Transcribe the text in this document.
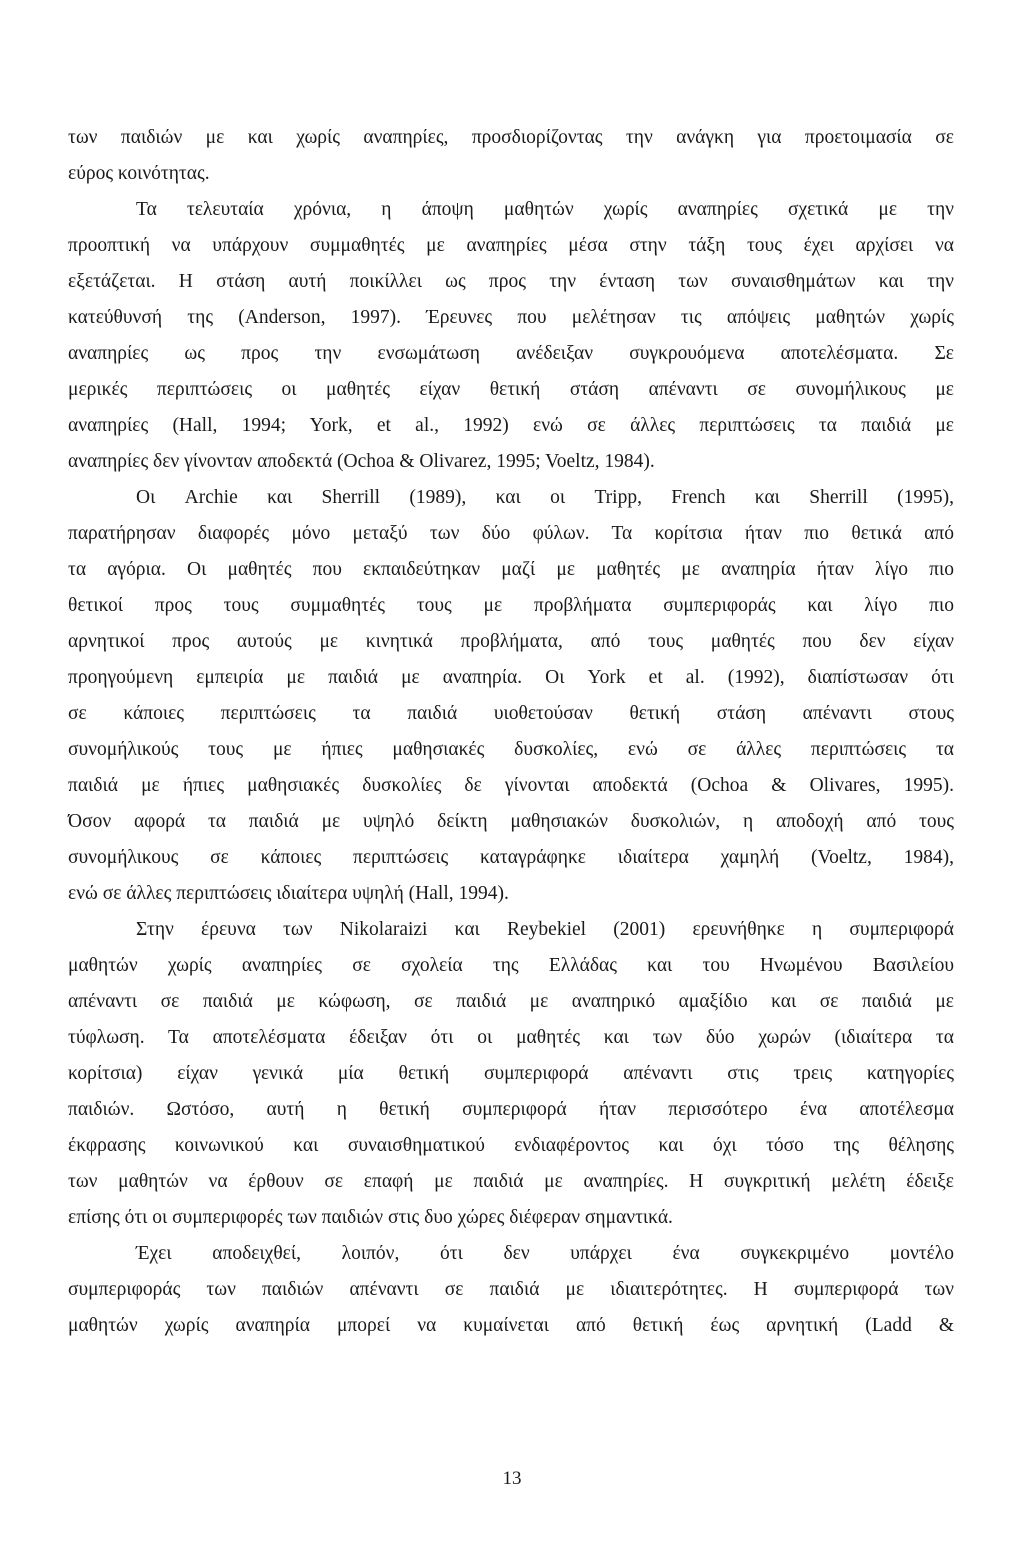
των παιδιών με και χωρίς αναπηρίες, προσδιορίζοντας την ανάγκη για προετοιμασία σε

εύρος κοινότητας.

Τα τελευταία χρόνια, η άποψη μαθητών χωρίς αναπηρίες σχετικά με την

προοπτική να υπάρχουν συμμαθητές με αναπηρίες μέσα στην τάξη τους έχει αρχίσει να

εξετάζεται. Η στάση αυτή ποικίλλει ως προς την ένταση των συναισθημάτων και την

κατεύθυνσή της (Anderson, 1997). Έρευνες που μελέτησαν τις απόψεις μαθητών χωρίς

αναπηρίες ως προς την ενσωμάτωση ανέδειξαν συγκρουόμενα αποτελέσματα. Σε

μερικές περιπτώσεις οι μαθητές είχαν θετική στάση απέναντι σε συνομήλικους με

αναπηρίες (Hall, 1994; York, et al., 1992) ενώ σε άλλες περιπτώσεις τα παιδιά με

αναπηρίες δεν γίνονταν αποδεκτά (Ochoa & Olivarez, 1995; Voeltz, 1984).

Οι Archie και Sherrill (1989), και οι Tripp, French και Sherrill (1995),

παρατήρησαν διαφορές μόνο μεταξύ των δύο φύλων. Τα κορίτσια ήταν πιο θετικά από

τα αγόρια. Οι μαθητές που εκπαιδεύτηκαν μαζί με μαθητές με αναπηρία ήταν λίγο πιο

θετικοί προς τους συμμαθητές τους με προβλήματα συμπεριφοράς και λίγο πιο

αρνητικοί προς αυτούς με κινητικά προβλήματα, από τους μαθητές που δεν είχαν

προηγούμενη εμπειρία με παιδιά με αναπηρία. Οι York et al. (1992), διαπίστωσαν ότι

σε κάποιες περιπτώσεις τα παιδιά υιοθετούσαν θετική στάση απέναντι στους

συνομήλικούς τους με ήπιες μαθησιακές δυσκολίες, ενώ σε άλλες περιπτώσεις τα

παιδιά με ήπιες μαθησιακές δυσκολίες δε γίνονται αποδεκτά (Ochoa & Olivares, 1995).

Όσον αφορά τα παιδιά με υψηλό δείκτη μαθησιακών δυσκολιών, η αποδοχή από τους

συνομήλικους σε κάποιες περιπτώσεις καταγράφηκε ιδιαίτερα χαμηλή (Voeltz, 1984),

ενώ σε άλλες περιπτώσεις ιδιαίτερα υψηλή (Hall, 1994).

Στην έρευνα των Nikolaraizi και Reybekiel (2001) ερευνήθηκε η συμπεριφορά

μαθητών χωρίς αναπηρίες σε σχολεία της Ελλάδας και του Ηνωμένου Βασιλείου

απέναντι σε παιδιά με κώφωση, σε παιδιά με αναπηρικό αμαξίδιο και σε παιδιά με

τύφλωση. Τα αποτελέσματα έδειξαν ότι οι μαθητές και των δύο χωρών (ιδιαίτερα τα

κορίτσια) είχαν γενικά μία θετική συμπεριφορά απέναντι στις τρεις κατηγορίες

παιδιών. Ωστόσο, αυτή η θετική συμπεριφορά ήταν περισσότερο ένα αποτέλεσμα

έκφρασης κοινωνικού και συναισθηματικού ενδιαφέροντος και όχι τόσο της θέλησης

των μαθητών να έρθουν σε επαφή με παιδιά με αναπηρίες. Η συγκριτική μελέτη έδειξε

επίσης ότι οι συμπεριφορές των παιδιών στις δυο χώρες διέφεραν σημαντικά.

Έχει αποδειχθεί, λοιπόν, ότι δεν υπάρχει ένα συγκεκριμένο μοντέλο

συμπεριφοράς των παιδιών απέναντι σε παιδιά με ιδιαιτερότητες. Η συμπεριφορά των

μαθητών χωρίς αναπηρία μπορεί να κυμαίνεται από θετική έως αρνητική (Ladd &

13
